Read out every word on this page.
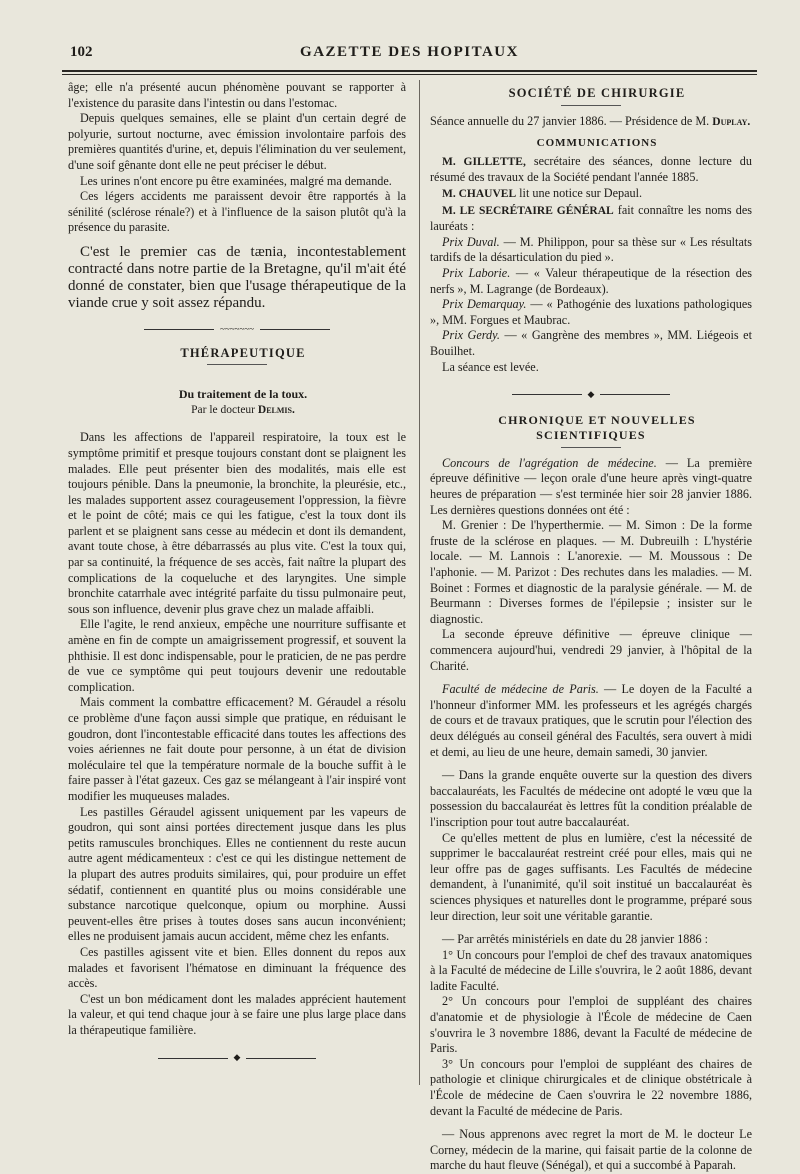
102	GAZETTE DES HOPITAUX

âge; elle n'a présenté aucun phénomène pouvant se rapporter à l'existence du parasite dans l'intestin ou dans l'estomac.

Depuis quelques semaines, elle se plaint d'un certain degré de polyurie, surtout nocturne, avec émission involontaire parfois des premières quantités d'urine, et, depuis l'élimination du ver seulement, d'une soif gênante dont elle ne peut préciser le début.

Les urines n'ont encore pu être examinées, malgré ma demande.

Ces légers accidents me paraissent devoir être rapportés à la sénilité (sclérose rénale?) et à l'influence de la saison plutôt qu'à la présence du parasite.

C'est le premier cas de tænia, incontestablement contracté dans notre partie de la Bretagne, qu'il m'ait été donné de constater, bien que l'usage thérapeutique de la viande crue y soit assez répandu.

~~~~~~~

THÉRAPEUTIQUE

Du traitement de la toux.

Par le docteur Delmis.

Dans les affections de l'appareil respiratoire, la toux est le symptôme primitif et presque toujours constant dont se plaignent les malades. Elle peut présenter bien des modalités, mais elle est toujours pénible. Dans la pneumonie, la bronchite, la pleurésie, etc., les malades supportent assez courageusement l'oppression, la fièvre et le point de côté; mais ce qui les fatigue, c'est la toux dont ils parlent et se plaignent sans cesse au médecin et dont ils demandent, avant toute chose, à être débarrassés au plus vite. C'est la toux qui, par sa continuité, la fréquence de ses accès, fait naître la plupart des complications de la coqueluche et des laryngites. Une simple bronchite catarrhale avec intégrité parfaite du tissu pulmonaire peut, sous son influence, devenir plus grave chez un malade affaibli.

Elle l'agite, le rend anxieux, empêche une nourriture suffisante et amène en fin de compte un amaigrissement progressif, et souvent la phthisie. Il est donc indispensable, pour le praticien, de ne pas perdre de vue ce symptôme qui peut toujours devenir une redoutable complication.

Mais comment la combattre efficacement? M. Géraudel a résolu ce problème d'une façon aussi simple que pratique, en réduisant le goudron, dont l'incontestable efficacité dans toutes les affections des voies aériennes ne fait doute pour personne, à un état de division moléculaire tel que la température normale de la bouche suffit à le faire passer à l'état gazeux. Ces gaz se mélangeant à l'air inspiré vont modifier les muqueuses malades.

Les pastilles Géraudel agissent uniquement par les vapeurs de goudron, qui sont ainsi portées directement jusque dans les plus petits ramuscules bronchiques. Elles ne contiennent du reste aucun autre agent médicamenteux : c'est ce qui les distingue nettement de la plupart des autres produits similaires, qui, pour produire un effet sédatif, contiennent en quantité plus ou moins considérable une substance narcotique quelconque, opium ou morphine. Aussi peuvent-elles être prises à toutes doses sans aucun inconvénient; elles ne produisent jamais aucun accident, même chez les enfants.

Ces pastilles agissent vite et bien. Elles donnent du repos aux malades et favorisent l'hématose en diminuant la fréquence des accès.

C'est un bon médicament dont les malades apprécient hautement la valeur, et qui tend chaque jour à se faire une plus large place dans la thérapeutique familière.

◆

SOCIÉTÉ DE CHIRURGIE

Séance annuelle du 27 janvier 1886. — Présidence de M. Duplay.

COMMUNICATIONS

M. GILLETTE, secrétaire des séances, donne lecture du résumé des travaux de la Société pendant l'année 1885.

M. CHAUVEL lit une notice sur Depaul.

M. LE SECRÉTAIRE GÉNÉRAL fait connaître les noms des lauréats :

Prix Duval. — M. Philippon, pour sa thèse sur « Les résultats tardifs de la désarticulation du pied ».

Prix Laborie. — « Valeur thérapeutique de la résection des nerfs », M. Lagrange (de Bordeaux).

Prix Demarquay. — « Pathogénie des luxations pathologiques », MM. Forgues et Maubrac.

Prix Gerdy. — « Gangrène des membres », MM. Liégeois et Bouilhet.

La séance est levée.

◆

CHRONIQUE ET NOUVELLES SCIENTIFIQUES

Concours de l'agrégation de médecine. — La première épreuve définitive — leçon orale d'une heure après vingt-quatre heures de préparation — s'est terminée hier soir 28 janvier 1886. Les dernières questions données ont été :

M. Grenier : De l'hyperthermie. — M. Simon : De la forme fruste de la sclérose en plaques. — M. Dubreuilh : L'hystérie locale. — M. Lannois : L'anorexie. — M. Moussous : De l'aphonie. — M. Parizot : Des rechutes dans les maladies. — M. Boinet : Formes et diagnostic de la paralysie générale. — M. de Beurmann : Diverses formes de l'épilepsie ; insister sur le diagnostic.

La seconde épreuve définitive — épreuve clinique — commencera aujourd'hui, vendredi 29 janvier, à l'hôpital de la Charité.

Faculté de médecine de Paris. — Le doyen de la Faculté a l'honneur d'informer MM. les professeurs et les agrégés chargés de cours et de travaux pratiques, que le scrutin pour l'élection des deux délégués au conseil général des Facultés, sera ouvert à midi et demi, au lieu de une heure, demain samedi, 30 janvier.

— Dans la grande enquête ouverte sur la question des divers baccalauréats, les Facultés de médecine ont adopté le vœu que la possession du baccalauréat ès lettres fût la condition préalable de l'inscription pour tout autre baccalauréat.

Ce qu'elles mettent de plus en lumière, c'est la nécessité de supprimer le baccalauréat restreint créé pour elles, mais qui ne leur offre pas de gages suffisants. Les Facultés de médecine demandent, à l'unanimité, qu'il soit institué un baccalauréat ès sciences physiques et naturelles dont le programme, préparé sous leur direction, leur soit une véritable garantie.

— Par arrêtés ministériels en date du 28 janvier 1886 :

1° Un concours pour l'emploi de chef des travaux anatomiques à la Faculté de médecine de Lille s'ouvrira, le 2 août 1886, devant ladite Faculté.

2° Un concours pour l'emploi de suppléant des chaires d'anatomie et de physiologie à l'École de médecine de Caen s'ouvrira le 3 novembre 1886, devant la Faculté de médecine de Paris.

3° Un concours pour l'emploi de suppléant des chaires de pathologie et clinique chirurgicales et de clinique obstétricale à l'École de médecine de Caen s'ouvrira le 22 novembre 1886, devant la Faculté de médecine de Paris.

— Nous apprenons avec regret la mort de M. le docteur Le Corney, médecin de la marine, qui faisait partie de la colonne de marche du haut fleuve (Sénégal), et qui a succombé à Paparah.
